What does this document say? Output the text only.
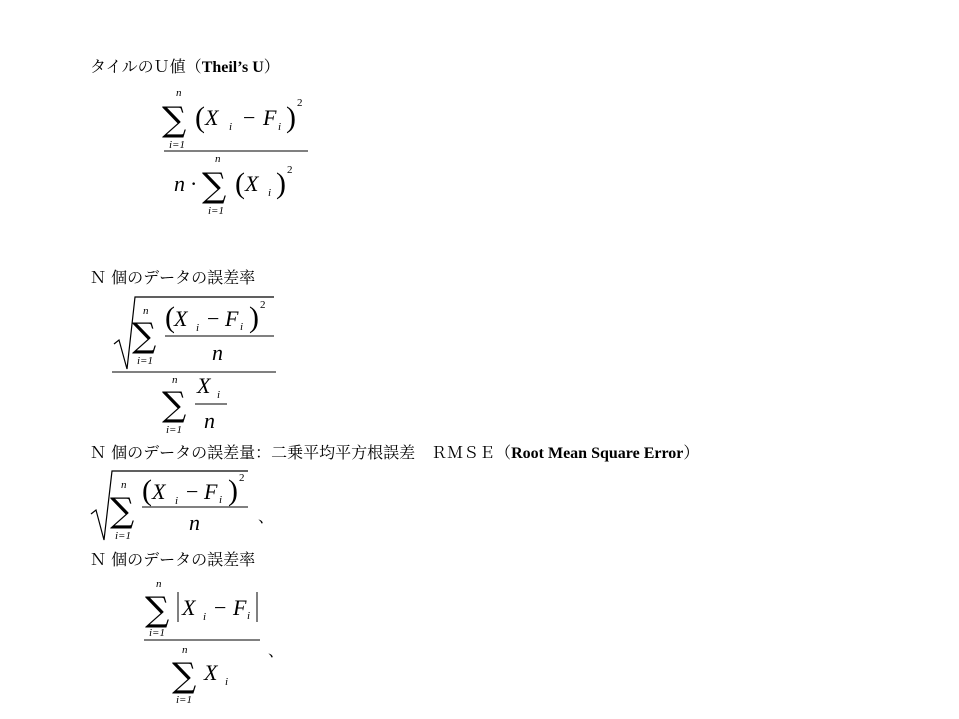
タイルのＵ値（Theil’s U）

n
∑
i=1
( X i − F i ) 2
n ·
n
∑
i=1
( X i ) 2

Ｎ 個のデータの誤差率

n
∑
i=1
( X i − F i ) 2
n
n
∑
i=1
X i
n

Ｎ 個のデータの誤差量：二乗平均平方根誤差　ＲＭＳＥ（Root Mean Square Error）

n
∑
i=1
( X i − F i ) 2
n	、

Ｎ 個のデータの誤差率

n
∑
i=1
X i − F i
n
∑
i=1
X i
、
